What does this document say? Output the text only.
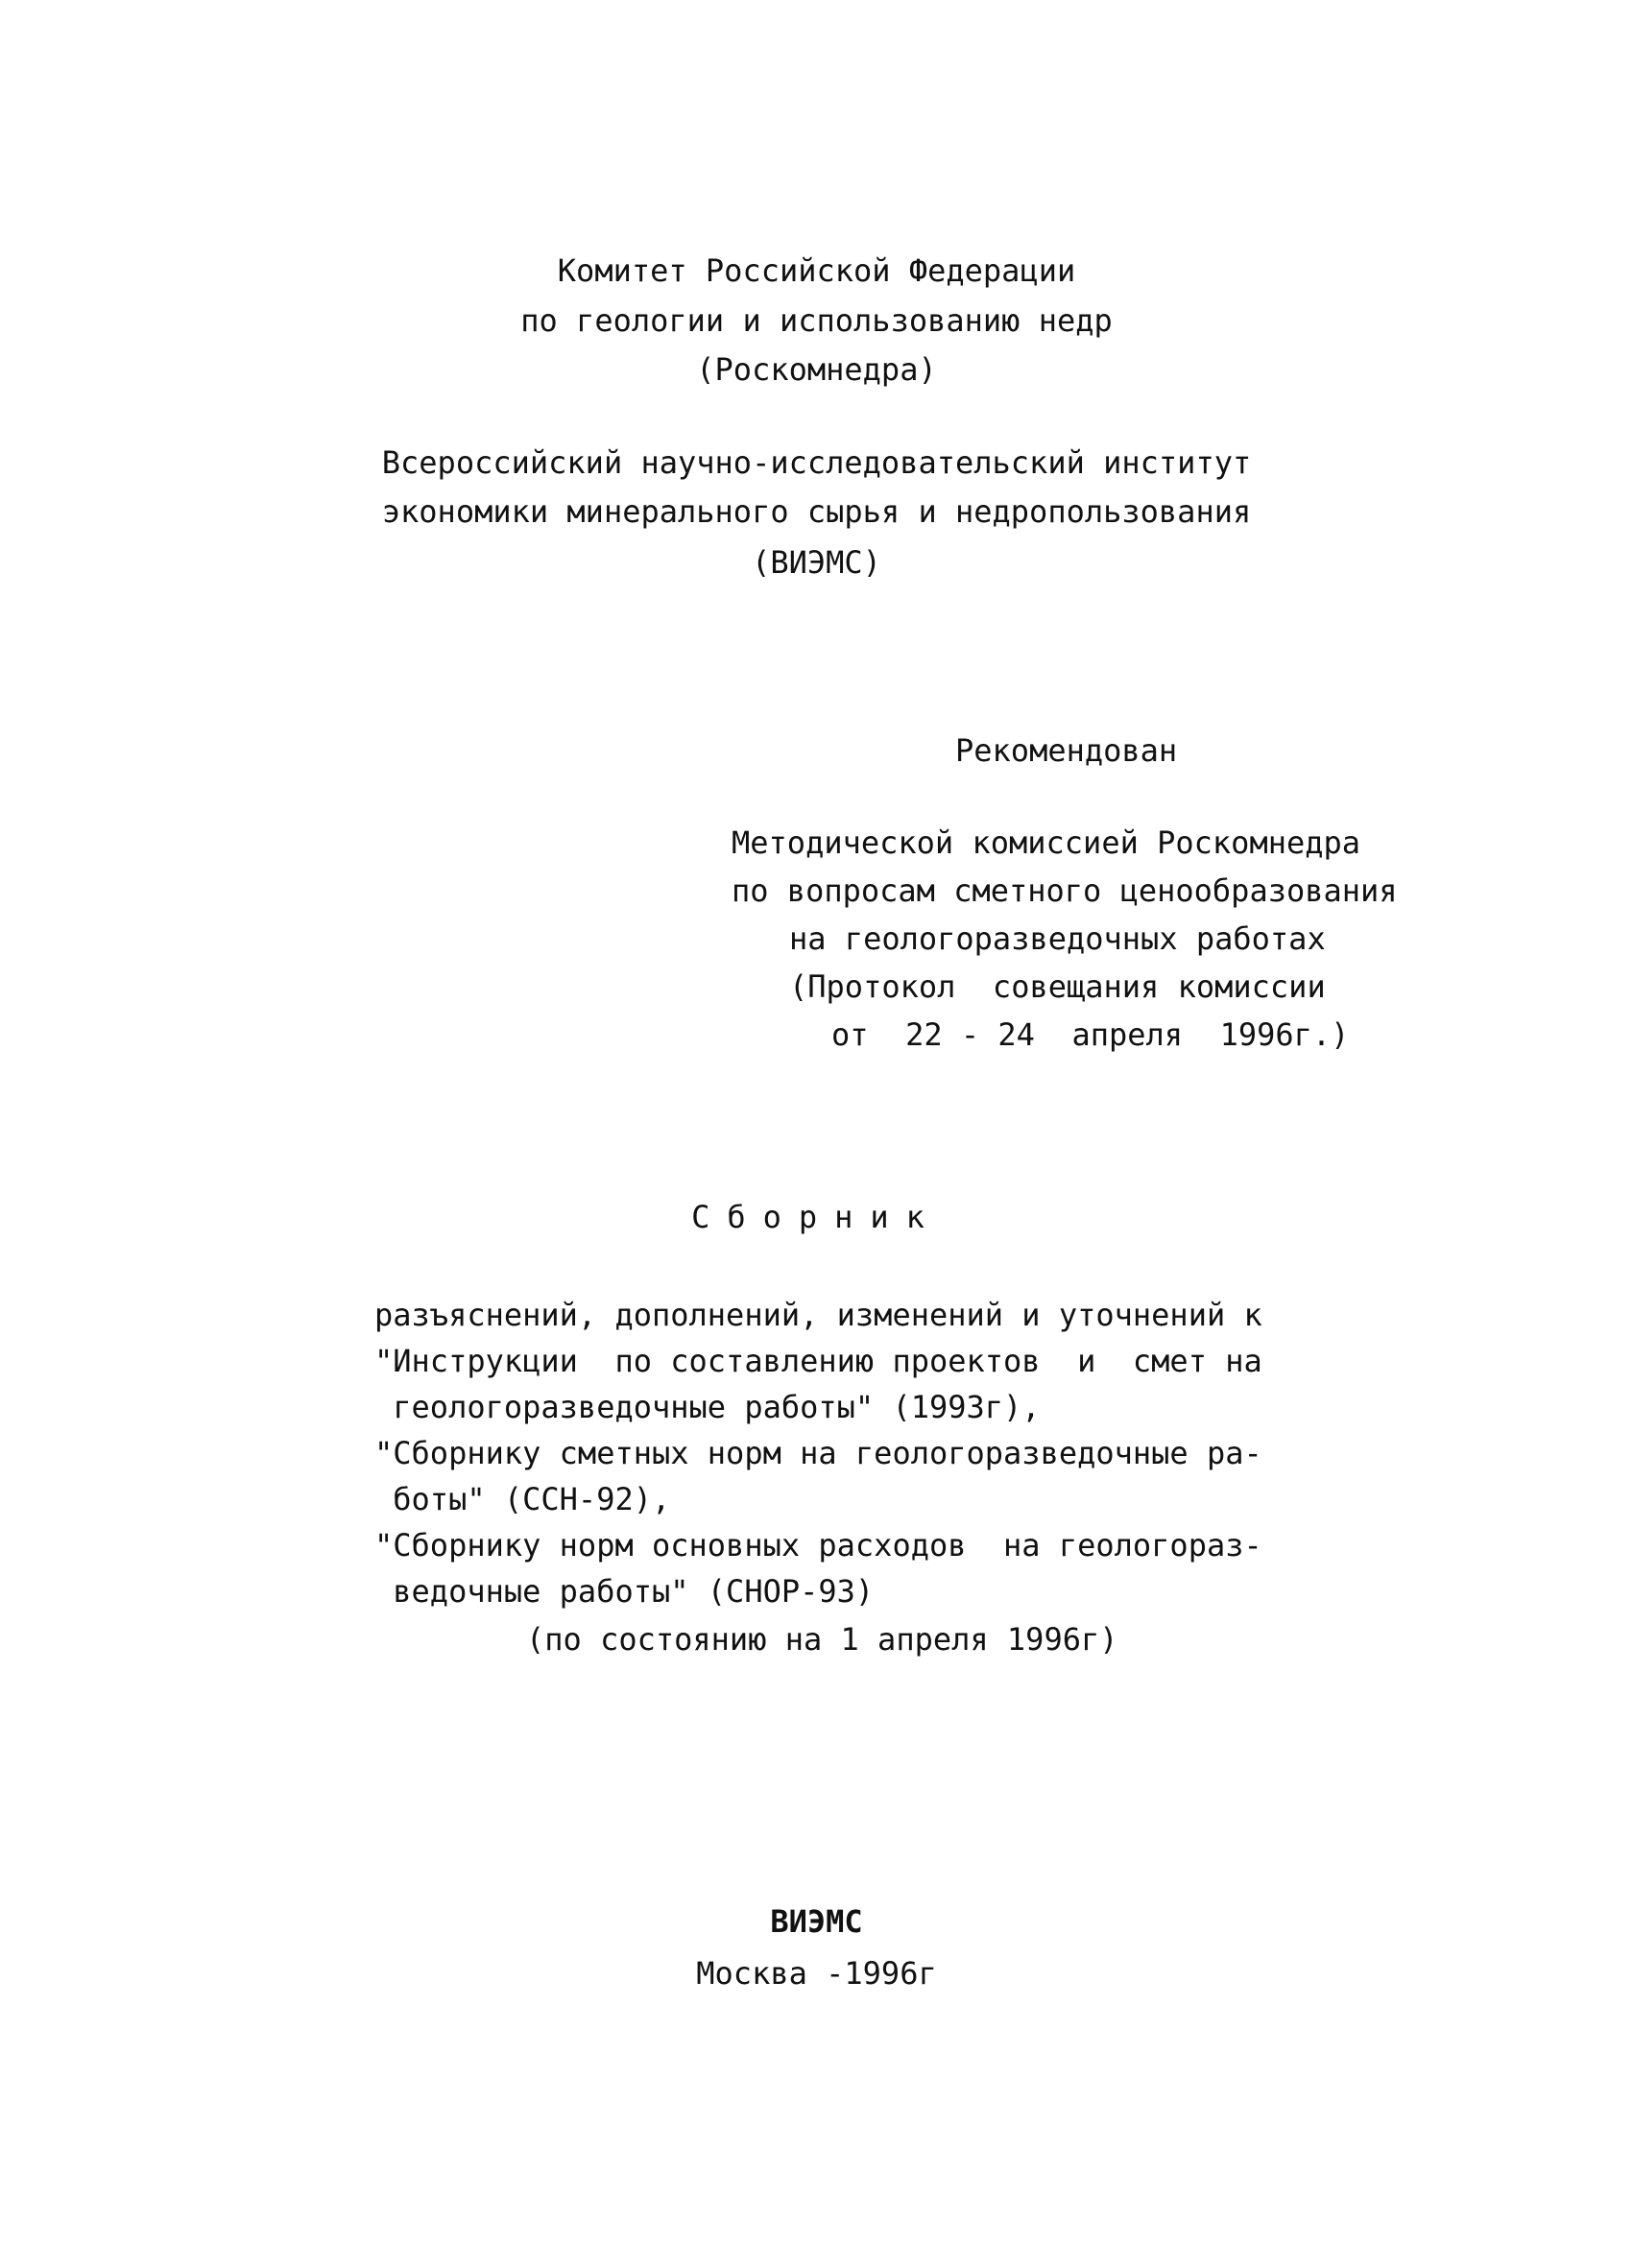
Комитет Российской Федерации
по геологии и использованию недр
(Роскомнедра)
Всероссийский научно-исследовательский институт
экономики минерального сырья и недропользования
(ВИЭМС)
Рекомендован
Методической комиссией Роскомнедра
по вопросам сметного ценообразования
на геологоразведочных работах
(Протокол  совещания комиссии
от  22 - 24  апреля  1996г.)
Сборник
разъяснений, дополнений, изменений и уточнений к
"Инструкции  по составлению проектов  и  смет на
геологоразведочные работы" (1993г),
"Сборнику сметных норм на геологоразведочные ра-
боты" (ССН-92),
"Сборнику норм основных расходов  на геологораз-
ведочные работы" (СНОР-93)
(по состоянию на 1 апреля 1996г)
ВИЭМС
Москва -1996г
